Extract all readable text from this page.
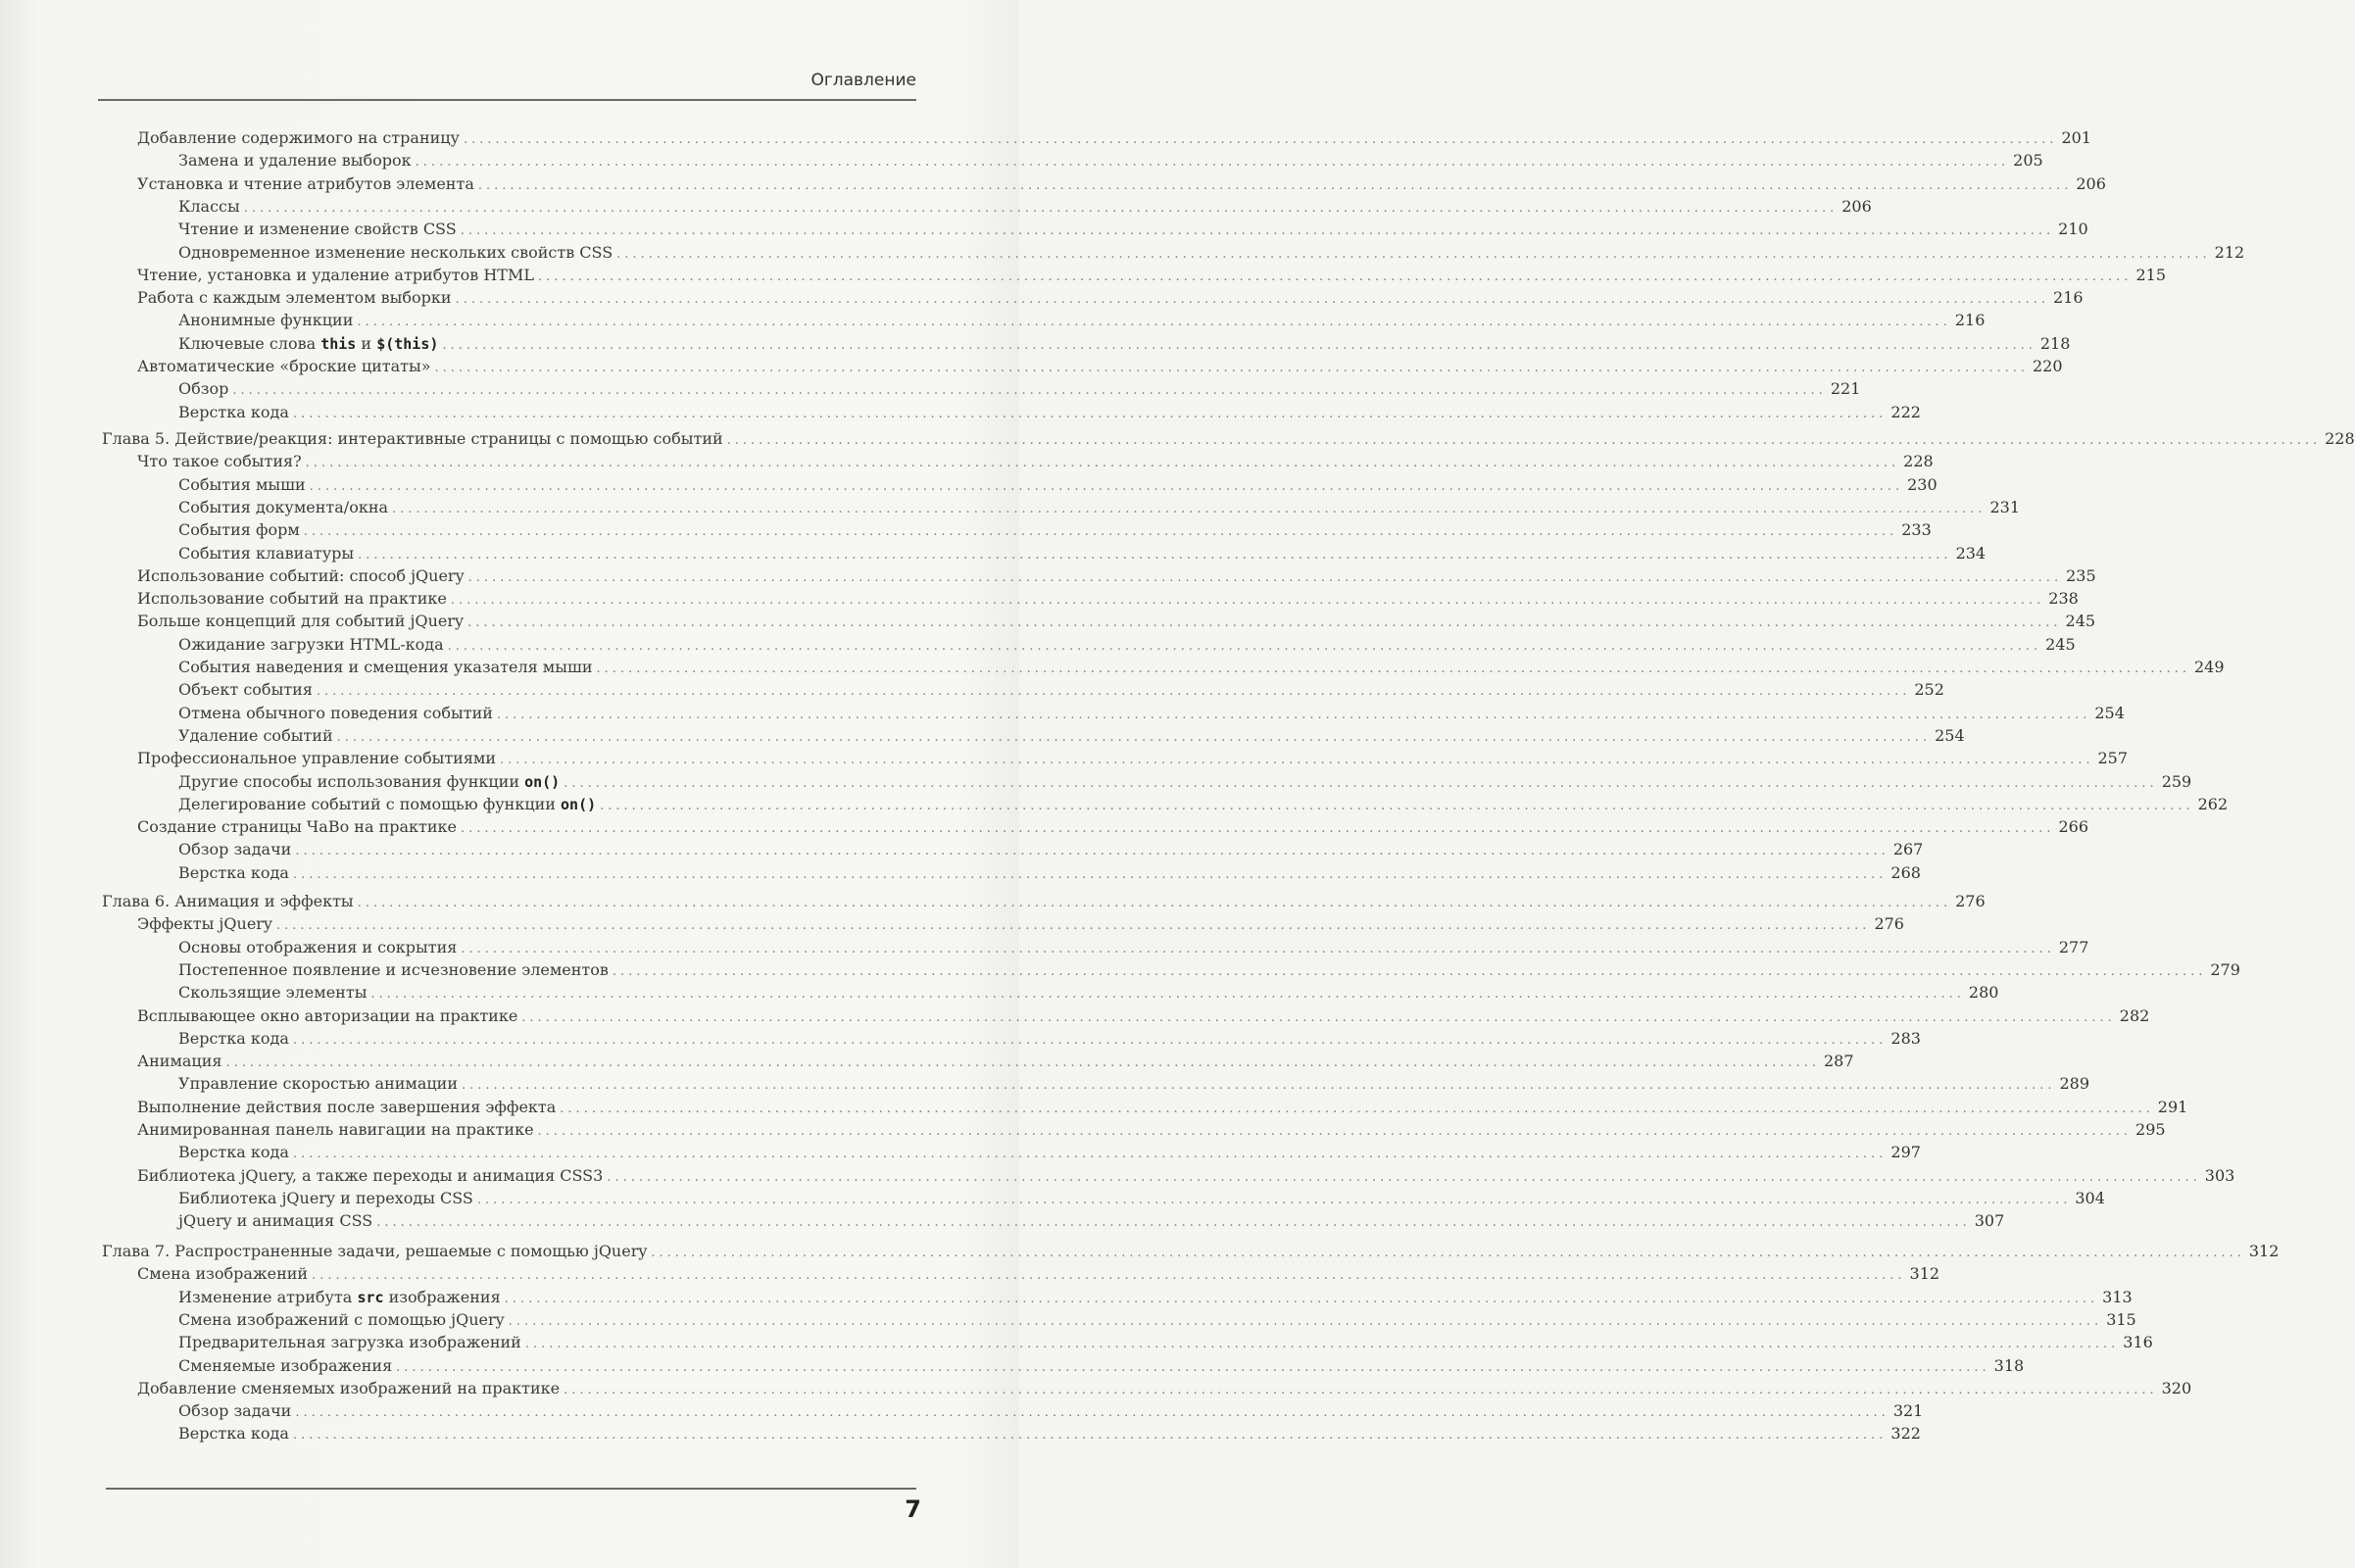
Оглавление
Добавление содержимого на страницу ........................................................................................................................................................................................................ 201
Замена и удаление выборок ........................................................................................................................................................................................................ 205
Установка и чтение атрибутов элемента ........................................................................................................................................................................................................ 206
Классы ........................................................................................................................................................................................................ 206
Чтение и изменение свойств CSS ........................................................................................................................................................................................................ 210
Одновременное изменение нескольких свойств CSS ........................................................................................................................................................................................................ 212
Чтение, установка и удаление атрибутов HTML ........................................................................................................................................................................................................ 215
Работа с каждым элементом выборки ........................................................................................................................................................................................................ 216
Анонимные функции ........................................................................................................................................................................................................ 216
Ключевые слова this и $(this) ........................................................................................................................................................................................................ 218
Автоматические «броские цитаты» ........................................................................................................................................................................................................ 220
Обзор ........................................................................................................................................................................................................ 221
Верстка кода ........................................................................................................................................................................................................ 222
Глава 5. Действие/реакция: интерактивные страницы с помощью событий ........................................................................................................................................................................................................ 228
Что такое события? ........................................................................................................................................................................................................ 228
События мыши ........................................................................................................................................................................................................ 230
События документа/окна ........................................................................................................................................................................................................ 231
События форм ........................................................................................................................................................................................................ 233
События клавиатуры ........................................................................................................................................................................................................ 234
Использование событий: способ jQuery ........................................................................................................................................................................................................ 235
Использование событий на практике ........................................................................................................................................................................................................ 238
Больше концепций для событий jQuery ........................................................................................................................................................................................................ 245
Ожидание загрузки HTML-кода ........................................................................................................................................................................................................ 245
События наведения и смещения указателя мыши ........................................................................................................................................................................................................ 249
Объект события ........................................................................................................................................................................................................ 252
Отмена обычного поведения событий ........................................................................................................................................................................................................ 254
Удаление событий ........................................................................................................................................................................................................ 254
Профессиональное управление событиями ........................................................................................................................................................................................................ 257
Другие способы использования функции on() ........................................................................................................................................................................................................ 259
Делегирование событий с помощью функции on() ........................................................................................................................................................................................................ 262
Создание страницы ЧаВо на практике ........................................................................................................................................................................................................ 266
Обзор задачи ........................................................................................................................................................................................................ 267
Верстка кода ........................................................................................................................................................................................................ 268
Глава 6. Анимация и эффекты ........................................................................................................................................................................................................ 276
Эффекты jQuery ........................................................................................................................................................................................................ 276
Основы отображения и сокрытия ........................................................................................................................................................................................................ 277
Постепенное появление и исчезновение элементов ........................................................................................................................................................................................................ 279
Скользящие элементы ........................................................................................................................................................................................................ 280
Всплывающее окно авторизации на практике ........................................................................................................................................................................................................ 282
Верстка кода ........................................................................................................................................................................................................ 283
Анимация ........................................................................................................................................................................................................ 287
Управление скоростью анимации ........................................................................................................................................................................................................ 289
Выполнение действия после завершения эффекта ........................................................................................................................................................................................................ 291
Анимированная панель навигации на практике ........................................................................................................................................................................................................ 295
Верстка кода ........................................................................................................................................................................................................ 297
Библиотека jQuery, а также переходы и анимация CSS3 ........................................................................................................................................................................................................ 303
Библиотека jQuery и переходы CSS ........................................................................................................................................................................................................ 304
jQuery и анимация CSS ........................................................................................................................................................................................................ 307
Глава 7. Распространенные задачи, решаемые с помощью jQuery ........................................................................................................................................................................................................ 312
Смена изображений ........................................................................................................................................................................................................ 312
Изменение атрибута src изображения ........................................................................................................................................................................................................ 313
Смена изображений с помощью jQuery ........................................................................................................................................................................................................ 315
Предварительная загрузка изображений ........................................................................................................................................................................................................ 316
Сменяемые изображения ........................................................................................................................................................................................................ 318
Добавление сменяемых изображений на практике ........................................................................................................................................................................................................ 320
Обзор задачи ........................................................................................................................................................................................................ 321
Верстка кода ........................................................................................................................................................................................................ 322
7
